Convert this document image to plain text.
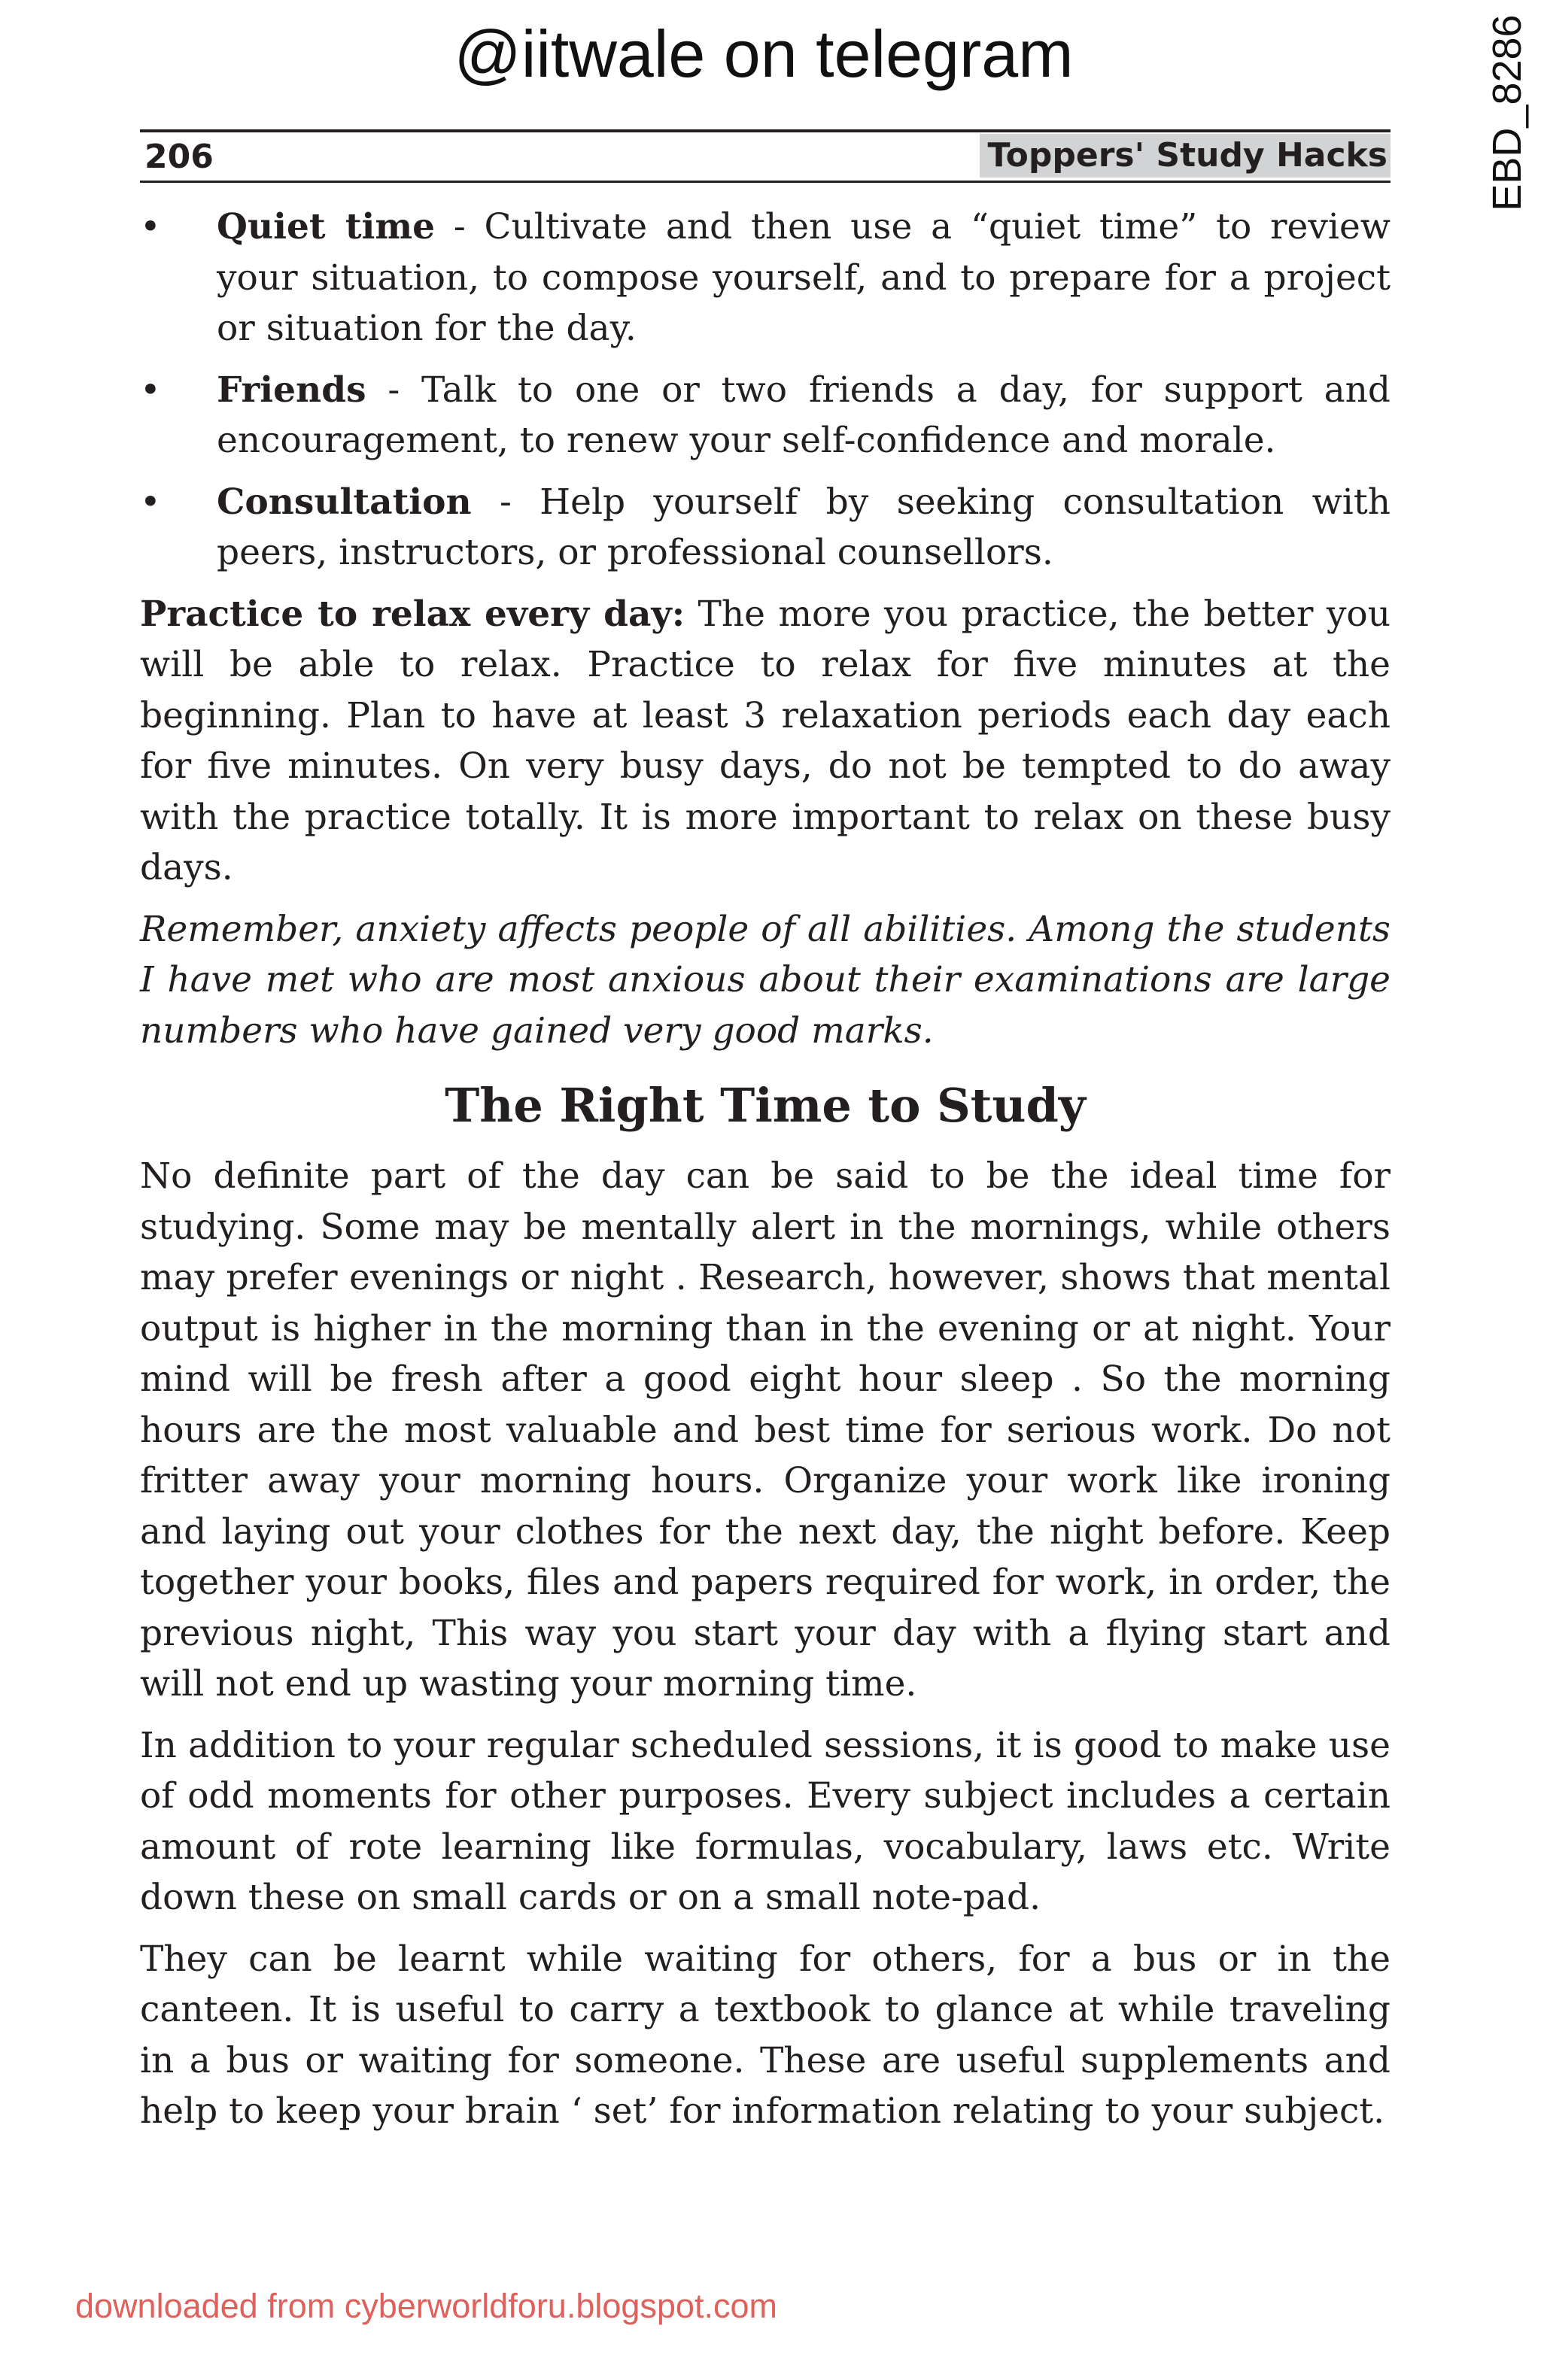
@iitwale on telegram	EBD_8286
206	Toppers' Study Hacks
• Quiet time - Cultivate and then use a “quiet time” to review your situation, to compose yourself, and to prepare for a project or situation for the day.
• Friends - Talk to one or two friends a day, for support and encouragement, to renew your self-confidence and morale.
• Consultation - Help yourself by seeking consultation with peers, instructors, or professional counsellors.

Practice to relax every day: The more you practice, the better you will be able to relax. Practice to relax for five minutes at the beginning. Plan to have at least 3 relaxation periods each day each for five minutes. On very busy days, do not be tempted to do away with the practice totally. It is more important to relax on these busy days.

Remember, anxiety affects people of all abilities. Among the students I have met who are most anxious about their examinations are large numbers who have gained very good marks.

The Right Time to Study

No definite part of the day can be said to be the ideal time for studying. Some may be mentally alert in the mornings, while others may prefer evenings or night . Research, however, shows that mental output is higher in the morning than in the evening or at night. Your mind will be fresh after a good eight hour sleep . So the morning hours are the most valuable and best time for serious work. Do not fritter away your morning hours. Organize your work like ironing and laying out your clothes for the next day, the night before. Keep together your books, files and papers required for work, in order, the previous night, This way you start your day with a flying start and will not end up wasting your morning time.

In addition to your regular scheduled sessions, it is good to make use of odd moments for other purposes. Every subject includes a certain amount of rote learning like formulas, vocabulary, laws etc. Write down these on small cards or on a small note-pad.

They can be learnt while waiting for others, for a bus or in the canteen. It is useful to carry a textbook to glance at while traveling in a bus or waiting for someone. These are useful supplements and help to keep your brain ‘ set’ for information relating to your subject.

downloaded from cyberworldforu.blogspot.com
